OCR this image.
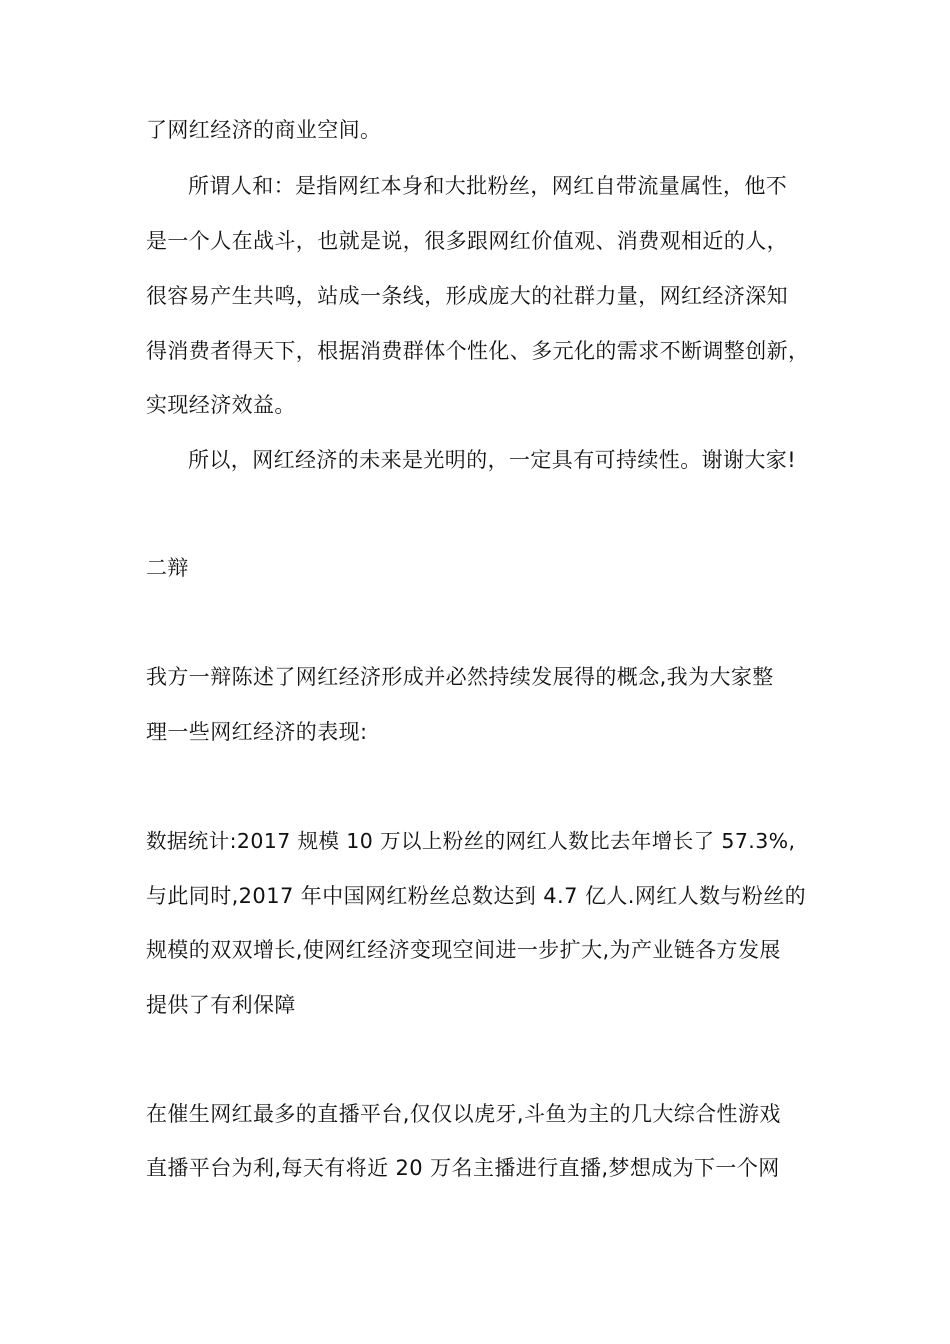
了网红经济的商业空间。
所谓人和：是指网红本身和大批粉丝，网红自带流量属性，他不
是一个人在战斗，也就是说，很多跟网红价值观、消费观相近的人，
很容易产生共鸣，站成一条线，形成庞大的社群力量，网红经济深知
得消费者得天下，根据消费群体个性化、多元化的需求不断调整创新，
实现经济效益。
所以，网红经济的未来是光明的，一定具有可持续性。谢谢大家!
二辩
我方一辩陈述了网红经济形成并必然持续发展得的概念,我为大家整
理一些网红经济的表现:
数据统计:2017 规模 10 万以上粉丝的网红人数比去年增长了 57.3%,
与此同时,2017 年中国网红粉丝总数达到 4.7 亿人.网红人数与粉丝的
规模的双双增长,使网红经济变现空间进一步扩大,为产业链各方发展
提供了有利保障
在催生网红最多的直播平台,仅仅以虎牙,斗鱼为主的几大综合性游戏
直播平台为利,每天有将近 20 万名主播进行直播,梦想成为下一个网
